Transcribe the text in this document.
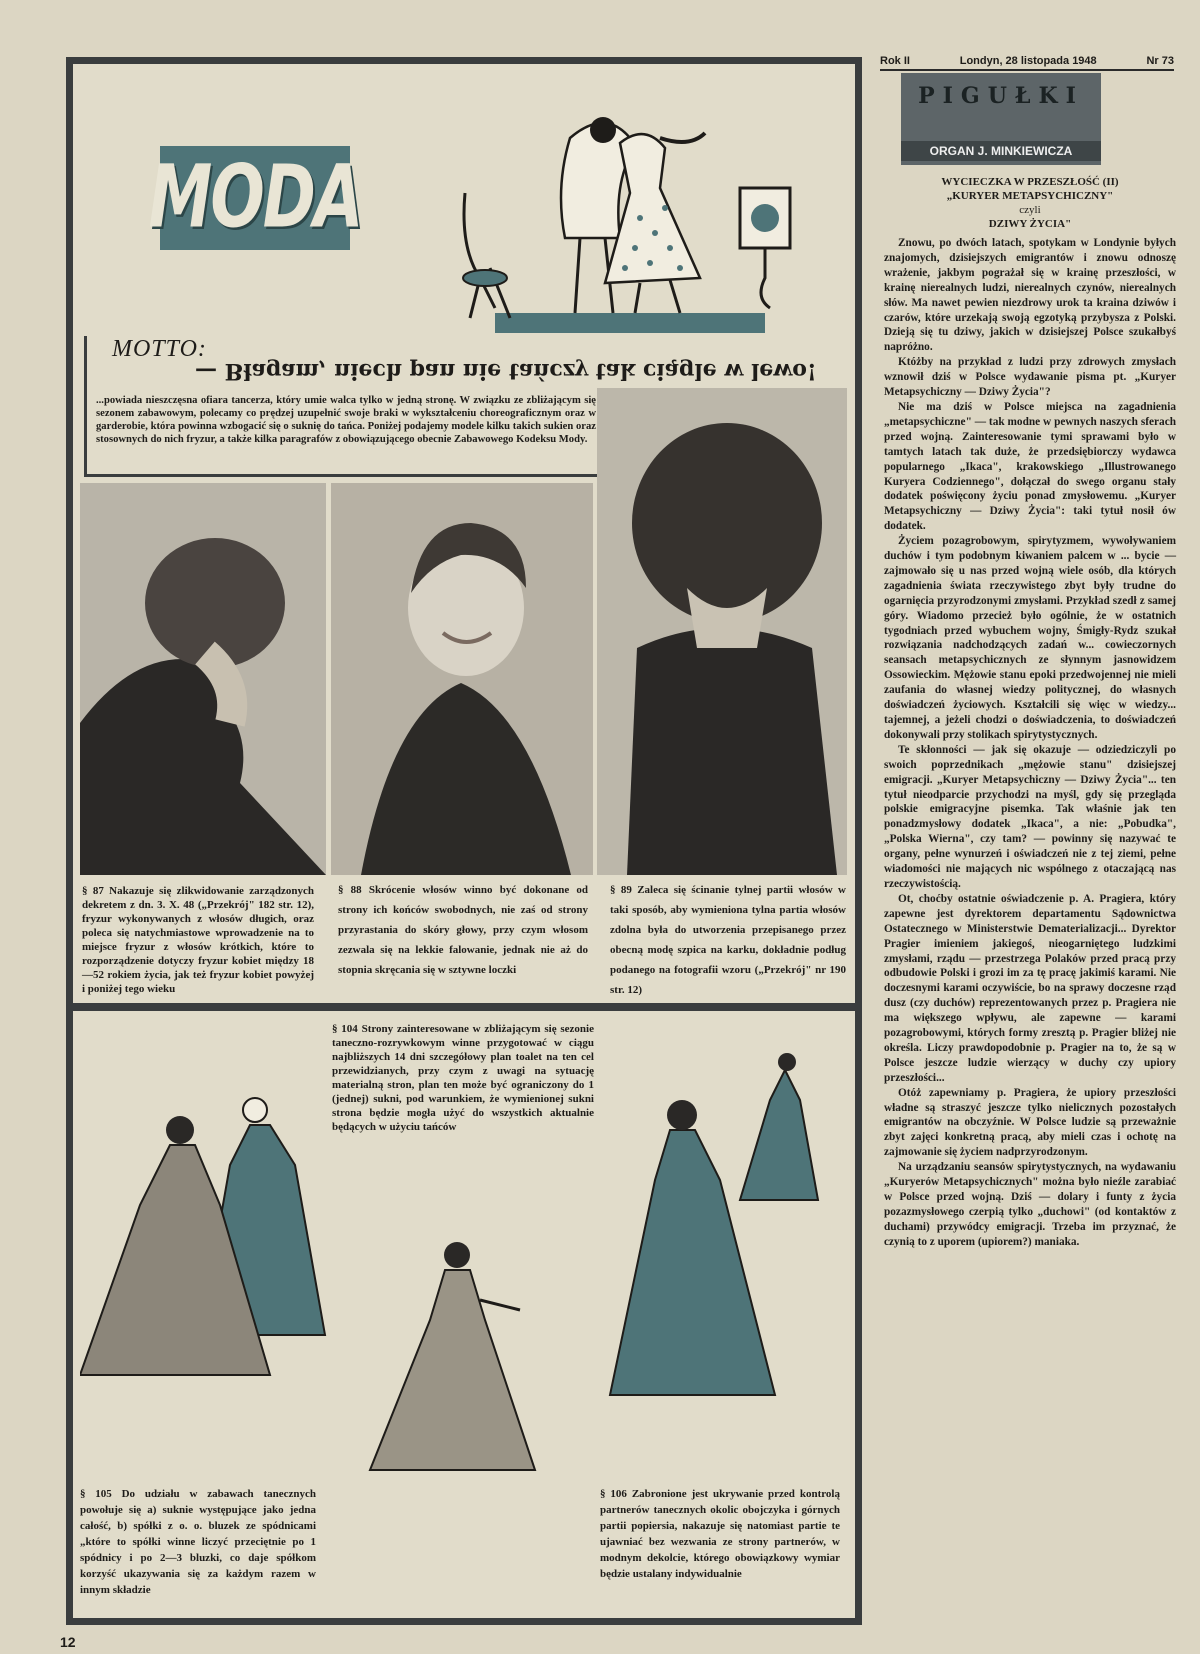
MODA
MOTTO:
— Błagam, niech pan nie tańczy tak ciągle w lewo!
...powiada nieszczęsna ofiara tancerza, który umie walca tylko w jedną stronę. W związku ze zbliżającym się sezonem zabawowym, polecamy co prędzej uzupełnić swoje braki w wykształceniu choreograficznym oraz w garderobie, która powinna wzbogacić się o suknię do tańca. Poniżej podajemy modele kilku takich sukien oraz stosownych do nich fryzur, a także kilka paragrafów z obowiązującego obecnie Zabawowego Kodeksu Mody.
§ 87 Nakazuje się zlikwidowanie zarządzonych dekretem z dn. 3. X. 48 („Przekrój" 182 str. 12), fryzur wykonywanych z włosów długich, oraz poleca się natychmiastowe wprowadzenie na to miejsce fryzur z włosów krótkich, które to rozporządzenie dotyczy fryzur kobiet między 18—52 rokiem życia, jak też fryzur kobiet powyżej i poniżej tego wieku
§ 88 Skrócenie włosów winno być dokonane od strony ich końców swobodnych, nie zaś od strony przyrastania do skóry głowy, przy czym włosom zezwala się na lekkie falowanie, jednak nie aż do stopnia skręcania się w sztywne loczki
§ 89 Zaleca się ścinanie tylnej partii włosów w taki sposób, aby wymieniona tylna partia włosów zdolna była do utworzenia przepisanego przez obecną modę szpica na karku, dokładnie podług podanego na fotografii wzoru („Przekrój" nr 190 str. 12)
§ 104 Strony zainteresowane w zbliżającym się sezonie taneczno-rozrywkowym winne przygotować w ciągu najbliższych 14 dni szczegółowy plan toalet na ten cel przewidzianych, przy czym z uwagi na sytuację materialną stron, plan ten może być ograniczony do 1 (jednej) sukni, pod warunkiem, że wymienionej sukni strona będzie mogła użyć do wszystkich aktualnie będących w użyciu tańców
§ 105 Do udziału w zabawach tanecznych powołuje się a) suknie występujące jako jedna całość, b) spółki z o. o. bluzek ze spódnicami „które to spółki winne liczyć przeciętnie po 1 spódnicy i po 2—3 bluzki, co daje spółkom korzyść ukazywania się za każdym razem w innym składzie
§ 106 Zabronione jest ukrywanie przed kontrolą partnerów tanecznych okolic obojczyka i górnych partii popiersia, nakazuje się natomiast partie te ujawniać bez wezwania ze strony partnerów, w modnym dekolcie, którego obowiązkowy wymiar będzie ustalany indywidualnie
Rok II	Londyn, 28 listopada 1948	Nr 73
PIGUŁKI
ORGAN J. MINKIEWICZA
WYCIECZKA W PRZESZŁOŚĆ (II)
„KURYER METAPSYCHICZNY"
czyli
DZIWY ŻYCIA"

Znowu, po dwóch latach, spotykam w Londynie byłych znajomych, dzisiejszych emigrantów i znowu odnoszę wrażenie, jakbym pograżał się w krainę przeszłości, w krainę nierealnych ludzi, nierealnych czynów, nierealnych słów. Ma nawet pewien niezdrowy urok ta kraina dziwów i czarów, które urzekają swoją egzotyką przybysza z Polski. Dzieją się tu dziwy, jakich w dzisiejszej Polsce szukałbyś napróżno.

Któżby na przykład z ludzi przy zdrowych zmysłach wznowił dziś w Polsce wydawanie pisma pt. „Kuryer Metapsychiczny — Dziwy Życia"?

Nie ma dziś w Polsce miejsca na zagadnienia „metapsychiczne" — tak modne w pewnych naszych sferach przed wojną. Zainteresowanie tymi sprawami było w tamtych latach tak duże, że przedsiębiorczy wydawca popularnego „Ikaca", krakowskiego „Illustrowanego Kuryera Codziennego", dołączał do swego organu stały dodatek poświęcony życiu ponad zmysłowemu. „Kuryer Metapsychiczny — Dziwy Życia": taki tytuł nosił ów dodatek.

Życiem pozagrobowym, spirytyzmem, wywoływaniem duchów i tym podobnym kiwaniem palcem w ... bycie — zajmowało się u nas przed wojną wiele osób, dla których zagadnienia świata rzeczywistego zbyt były trudne do ogarnięcia przyrodzonymi zmysłami. Przykład szedł z samej góry. Wiadomo przecież było ogólnie, że w ostatnich tygodniach przed wybuchem wojny, Śmigły-Rydz szukał rozwiązania nadchodzących zadań w... cowieczornych seansach metapsychicznych ze słynnym jasnowidzem Ossowieckim. Mężowie stanu epoki przedwojennej nie mieli zaufania do własnej wiedzy politycznej, do własnych doświadczeń życiowych. Kształcili się więc w wiedzy... tajemnej, a jeżeli chodzi o doświadczenia, to doświadczeń dokonywali przy stolikach spirytystycznych.

Te skłonności — jak się okazuje — odziedziczyli po swoich poprzednikach „mężowie stanu" dzisiejszej emigracji. „Kuryer Metapsychiczny — Dziwy Życia"... ten tytuł nieodparcie przychodzi na myśl, gdy się przegląda polskie emigracyjne pisemka. Tak właśnie jak ten ponadzmysłowy dodatek „Ikaca", a nie: „Pobudka", „Polska Wierna", czy tam? — powinny się nazywać te organy, pełne wynurzeń i oświadczeń nie z tej ziemi, pełne wiadomości nie mających nic wspólnego z otaczającą nas rzeczywistością.

Ot, choćby ostatnie oświadczenie p. A. Pragiera, który zapewne jest dyrektorem departamentu Sądownictwa Ostatecznego w Ministerstwie Dematerializacji... Dyrektor Pragier imieniem jakiegoś, nieogarniętego ludzkimi zmysłami, rządu — przestrzega Polaków przed pracą przy odbudowie Polski i grozi im za tę pracę jakimiś karami. Nie doczesnymi karami oczywiście, bo na sprawy doczesne rząd dusz (czy duchów) reprezentowanych przez p. Pragiera nie ma większego wpływu, ale zapewne — karami pozagrobowymi, których formy zresztą p. Pragier bliżej nie określa. Liczy prawdopodobnie p. Pragier na to, że są w Polsce jeszcze ludzie wierzący w duchy czy upiory przeszłości...

Otóż zapewniamy p. Pragiera, że upiory przeszłości władne są straszyć jeszcze tylko nielicznych pozostałych emigrantów na obczyźnie. W Polsce ludzie są przeważnie zbyt zajęci konkretną pracą, aby mieli czas i ochotę na zajmowanie się życiem nadprzyrodzonym.

Na urządzaniu seansów spirytystycznych, na wydawaniu „Kuryerów Metapsychicznych" można było nieźle zarabiać w Polsce przed wojną. Dziś — dolary i funty z życia pozazmysłowego czerpią tylko „duchowi" (od kontaktów z duchami) przywódcy emigracji. Trzeba im przyznać, że czynią to z uporem (upiorem?) maniaka.

12
